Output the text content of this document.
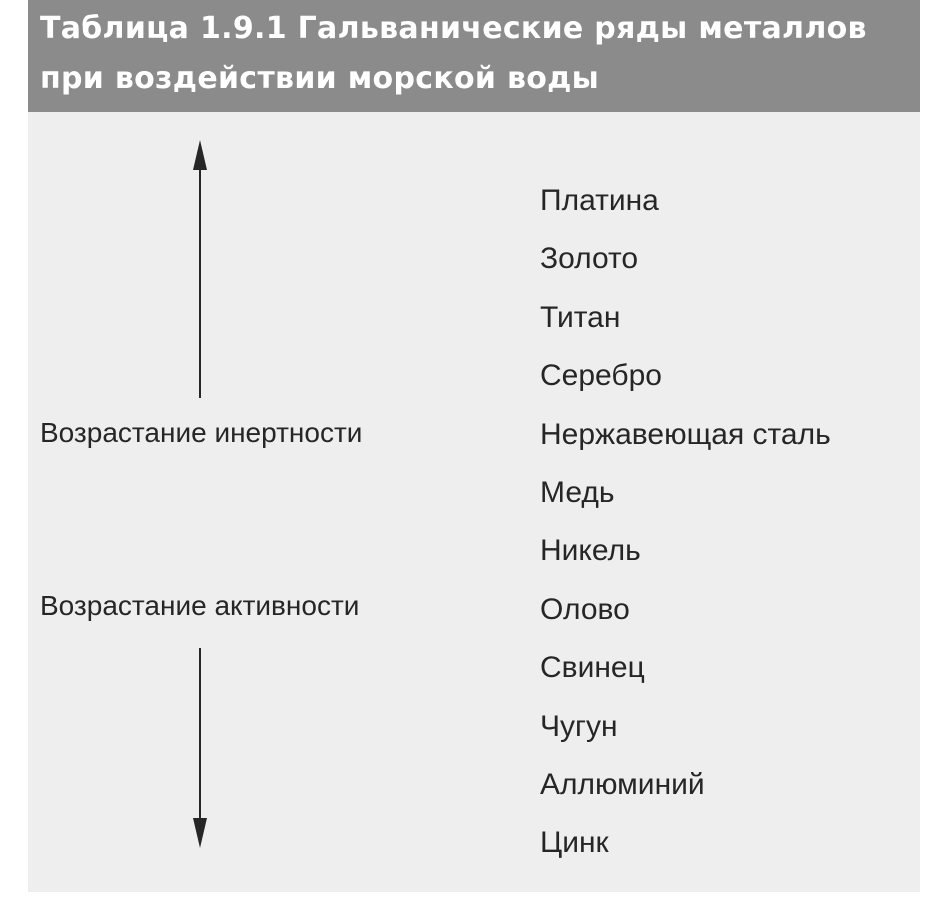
Таблица 1.9.1 Гальванические ряды металлов
при воздействии морской воды
Возрастание инертности
Возрастание активности
Платина
Золото
Титан
Серебро
Нержавеющая сталь
Медь
Никель
Олово
Свинец
Чугун
Аллюминий
Цинк
